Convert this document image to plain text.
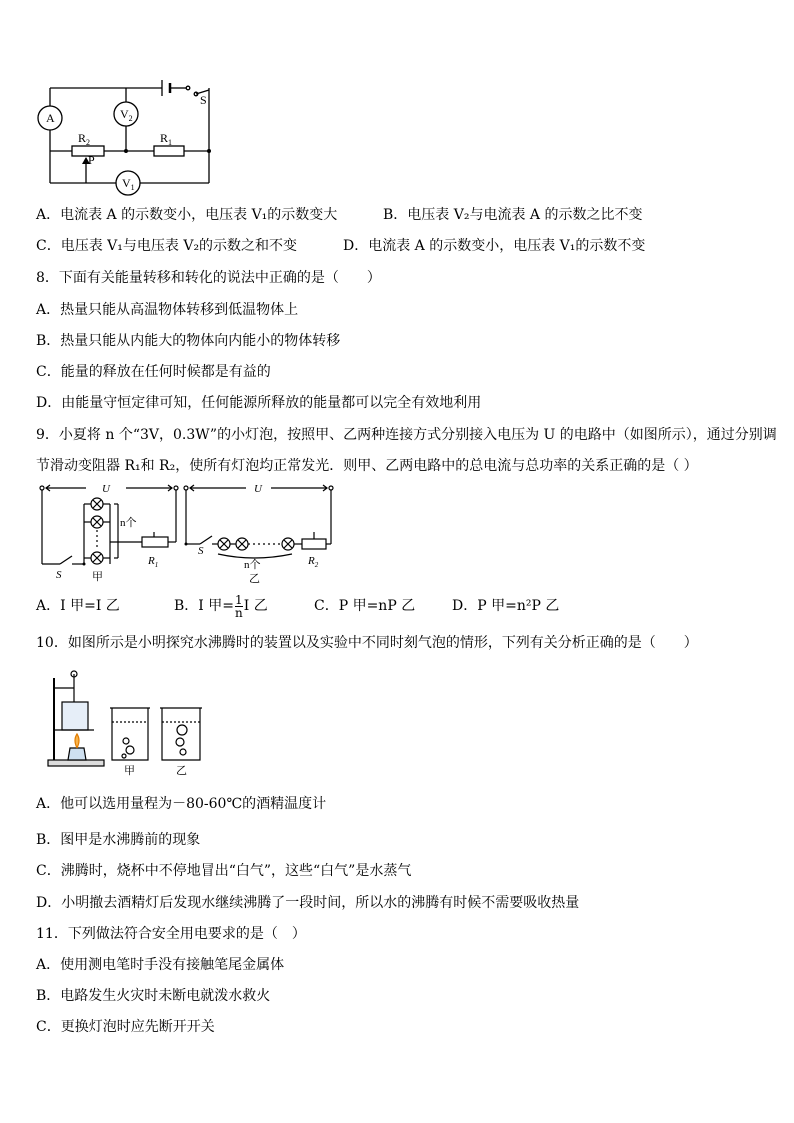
A	$V_2$
$V_1$
$R_2$	$R_1$
P
S
A．电流表 A 的示数变小，电压表 V₁的示数变大	B．电压表 V₂与电流表 A 的示数之比不变
C．电压表 V₁与电压表 V₂的示数之和不变	D．电流表 A 的示数变小，电压表 V₁的示数不变
8．下面有关能量转移和转化的说法中正确的是（　　）
A．热量只能从高温物体转移到低温物体上
B．热量只能从内能大的物体向内能小的物体转移
C．能量的释放在任何时候都是有益的
D．由能量守恒定律可知，任何能源所释放的能量都可以完全有效地利用
9．小夏将 n 个“3V，0.3W”的小灯泡，按照甲、乙两种连接方式分别接入电压为 U 的电路中（如图所示），通过分别调
节滑动变阻器 R₁和 R₂，使所有灯泡均正常发光．则甲、乙两电路中的总电流与总功率的关系正确的是（ ）
U	U
n个
n个
S
S
$R_1$	$R_2$
甲	乙
A．I 甲=I 乙	B．I 甲= $\frac{1}{n}$ I 乙	C．P 甲=nP 乙	D．P 甲=n²P 乙
10．如图所示是小明探究水沸腾时的装置以及实验中不同时刻气泡的情形，下列有关分析正确的是（　　）
甲	乙
A．他可以选用量程为－80-60℃的酒精温度计
B．图甲是水沸腾前的现象
C．沸腾时，烧杯中不停地冒出“白气”，这些“白气”是水蒸气
D．小明撤去酒精灯后发现水继续沸腾了一段时间，所以水的沸腾有时候不需要吸收热量
11．下列做法符合安全用电要求的是（　）
A．使用测电笔时手没有接触笔尾金属体
B．电路发生火灾时未断电就泼水救火
C．更换灯泡时应先断开开关
